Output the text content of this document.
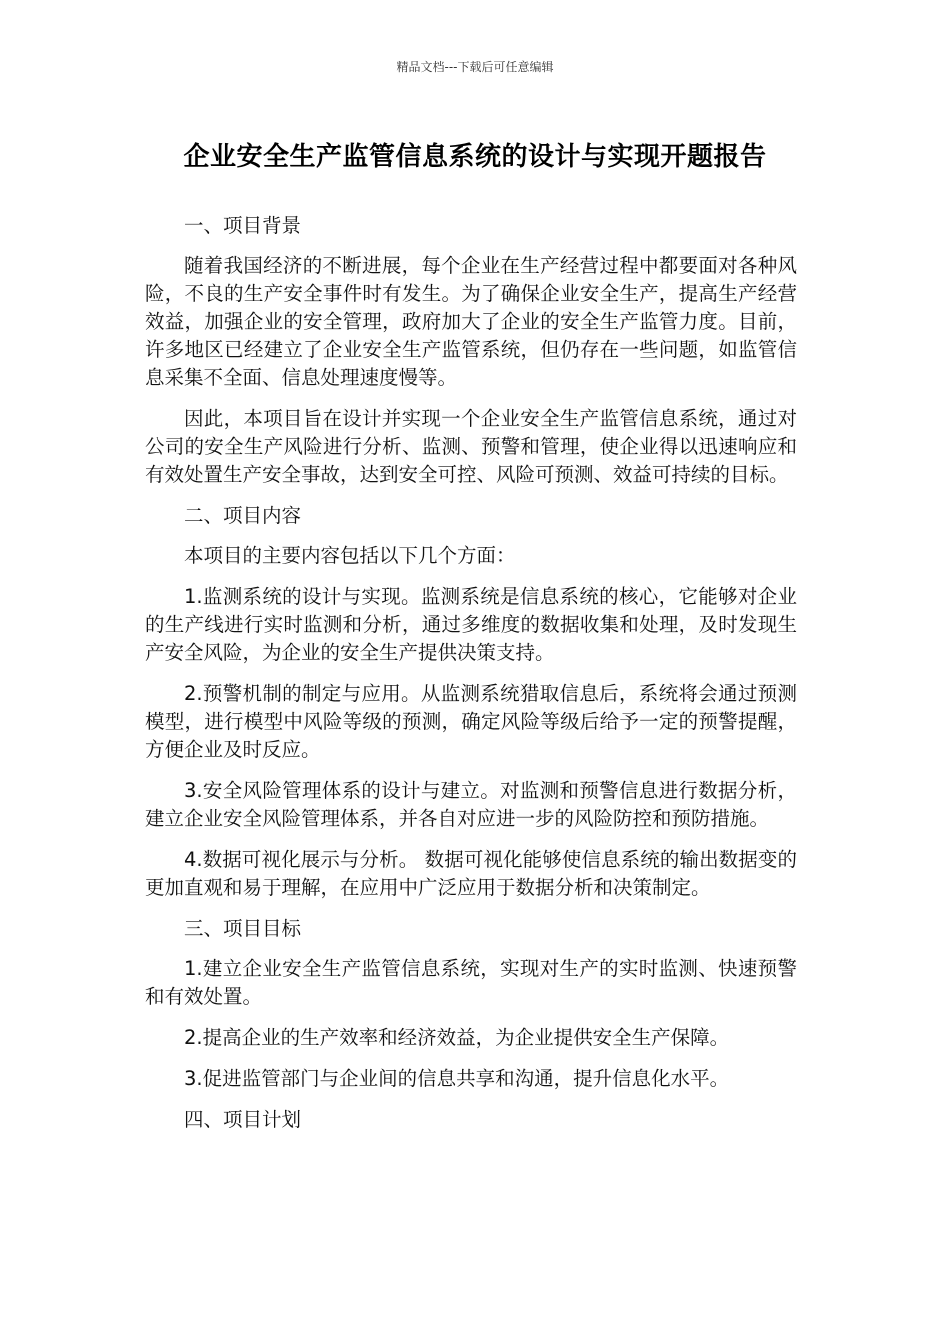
精品文档---下载后可任意编辑
企业安全生产监管信息系统的设计与实现开题报告

一、项目背景

随着我国经济的不断进展，每个企业在生产经营过程中都要面对各种风险，不良的生产安全事件时有发生。为了确保企业安全生产，提高生产经营效益，加强企业的安全管理，政府加大了企业的安全生产监管力度。目前，许多地区已经建立了企业安全生产监管系统，但仍存在一些问题，如监管信息采集不全面、信息处理速度慢等。

因此，本项目旨在设计并实现一个企业安全生产监管信息系统，通过对公司的安全生产风险进行分析、监测、预警和管理，使企业得以迅速响应和有效处置生产安全事故，达到安全可控、风险可预测、效益可持续的目标。

二、项目内容

本项目的主要内容包括以下几个方面：

1.监测系统的设计与实现。监测系统是信息系统的核心，它能够对企业的生产线进行实时监测和分析，通过多维度的数据收集和处理，及时发现生产安全风险，为企业的安全生产提供决策支持。

2.预警机制的制定与应用。从监测系统猎取信息后，系统将会通过预测模型，进行模型中风险等级的预测，确定风险等级后给予一定的预警提醒，方便企业及时反应。

3.安全风险管理体系的设计与建立。对监测和预警信息进行数据分析，建立企业安全风险管理体系，并各自对应进一步的风险防控和预防措施。

4.数据可视化展示与分析。 数据可视化能够使信息系统的输出数据变的更加直观和易于理解，在应用中广泛应用于数据分析和决策制定。

三、项目目标

1.建立企业安全生产监管信息系统，实现对生产的实时监测、快速预警和有效处置。

2.提高企业的生产效率和经济效益，为企业提供安全生产保障。

3.促进监管部门与企业间的信息共享和沟通，提升信息化水平。

四、项目计划
